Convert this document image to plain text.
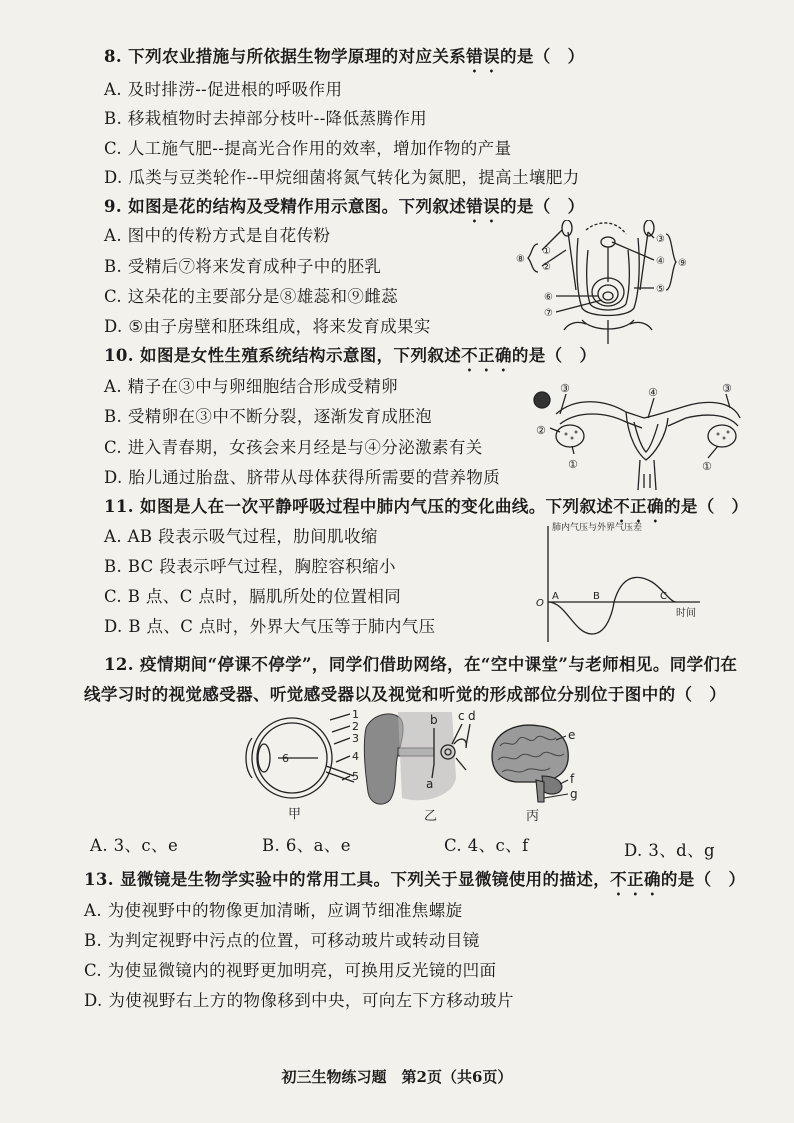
8. 下列农业措施与所依据生物学原理的对应关系错误的是（　）
A. 及时排涝--促进根的呼吸作用
B. 移栽植物时去掉部分枝叶--降低蒸腾作用
C. 人工施气肥--提高光合作用的效率，增加作物的产量
D. 瓜类与豆类轮作--甲烷细菌将氮气转化为氮肥，提高土壤肥力
9. 如图是花的结构及受精作用示意图。下列叙述错误的是（　）
A. 图中的传粉方式是自花传粉
B. 受精后⑦将来发育成种子中的胚乳
C. 这朵花的主要部分是⑧雄蕊和⑨雌蕊
D. ⑤由子房壁和胚珠组成，将来发育成果实
①
②
③
④
⑤
⑥
⑦
⑧	⑨
10. 如图是女性生殖系统结构示意图，下列叙述不正确的是（　）
A. 精子在③中与卵细胞结合形成受精卵
B. 受精卵在③中不断分裂，逐渐发育成胚泡
C. 进入青春期，女孩会来月经是与④分泌激素有关
D. 胎儿通过胎盘、脐带从母体获得所需要的营养物质
③	④	③
②
①	①
11. 如图是人在一次平静呼吸过程中肺内气压的变化曲线。下列叙述不正确的是（　）
A. AB 段表示吸气过程，肋间肌收缩
B. BC 段表示呼气过程，胸腔容积缩小
C. B 点、C 点时，膈肌所处的位置相同
D. B 点、C 点时，外界大气压等于肺内气压
肺内气压与外界气压差
O
A	B	C
时间
12. 疫情期间“停课不停学”，同学们借助网络，在“空中课堂”与老师相见。同学们在
线学习时的视觉感受器、听觉感受器以及视觉和听觉的形成部位分别位于图中的（　）
1
2
3
4
5
6
甲
b
a
c d
乙
e
f
g
丙
A. 3、c、e	B. 6、a、e	C. 4、c、f	D. 3、d、g
13. 显微镜是生物学实验中的常用工具。下列关于显微镜使用的描述，不正确的是（　）
A. 为使视野中的物像更加清晰，应调节细准焦螺旋
B. 为判定视野中污点的位置，可移动玻片或转动目镜
C. 为使显微镜内的视野更加明亮，可换用反光镜的凹面
D. 为使视野右上方的物像移到中央，可向左下方移动玻片
初三生物练习题　第2页（共6页）
